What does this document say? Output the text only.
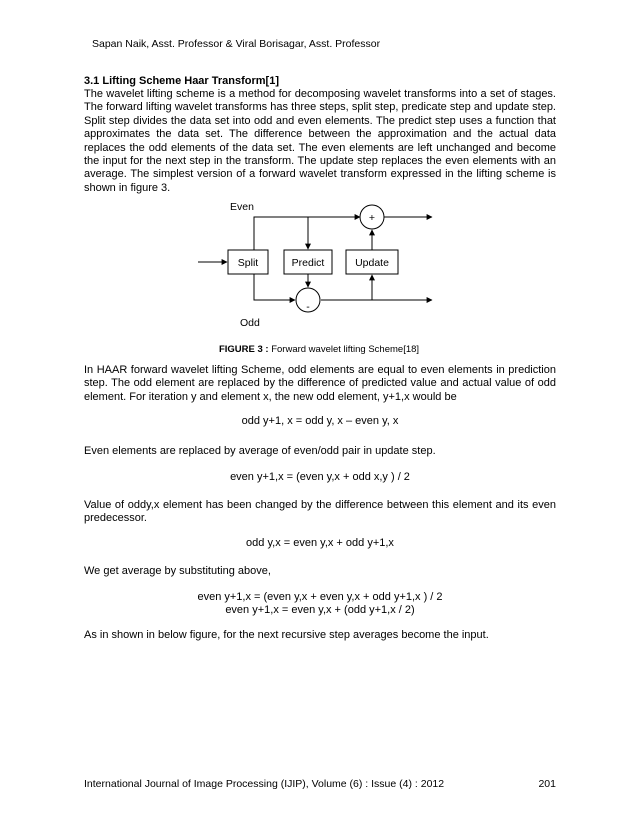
Sapan Naik, Asst. Professor & Viral Borisagar, Asst. Professor

3.1 Lifting Scheme Haar Transform[1]

The wavelet lifting scheme is a method for decomposing wavelet transforms into a set of stages. The forward lifting wavelet transforms has three steps, split step, predicate step and update step. Split step divides the data set into odd and even elements. The predict step uses a function that approximates the data set. The difference between the approximation and the actual data replaces the odd elements of the data set. The even elements are left unchanged and become the input for the next step in the transform. The update step replaces the even elements with an average. The simplest version of a forward wavelet transform expressed in the lifting scheme is shown in figure 3.

Even
Odd
Split	Predict	Update
+
-
FIGURE 3 : Forward wavelet lifting Scheme[18]

In HAAR forward wavelet lifting Scheme, odd elements are equal to even elements in prediction step. The odd element are replaced by the difference of predicted value and actual value of odd element. For iteration y and element x, the new odd element, y+1,x would be

odd y+1, x = odd y, x – even y, x

Even elements are replaced by average of even/odd pair in update step.

even y+1,x = (even y,x + odd x,y ) / 2

Value of oddy,x element has been changed by the difference between this element and its even predecessor.

odd y,x = even y,x + odd y+1,x

We get average by substituting above,

even y+1,x = (even y,x + even y,x + odd y+1,x ) / 2

even y+1,x = even y,x + (odd y+1,x / 2)

As in shown in below figure, for the next recursive step averages become the input.

International Journal of Image Processing (IJIP), Volume (6) : Issue (4) : 2012	201
